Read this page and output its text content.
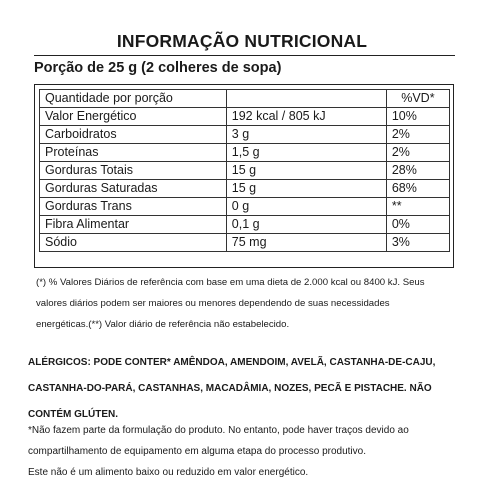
INFORMAÇÃO NUTRICIONAL
Porção de 25 g (2 colheres de sopa)
Quantidade por porção		%VD*
Valor Energético	192 kcal / 805 kJ	10%
Carboidratos	3 g	2%
Proteínas	1,5 g	2%
Gorduras Totais	15 g	28%
Gorduras Saturadas	15 g	68%
Gorduras Trans	0 g	**
Fibra Alimentar	0,1 g	0%
Sódio	75 mg	3%

(*) % Valores Diários de referência com base em uma dieta de 2.000 kcal ou 8400 kJ. Seus

valores diários podem ser maiores ou menores dependendo de suas necessidades

energéticas.(**) Valor diário de referência não estabelecido.

ALÉRGICOS: PODE CONTER* AMÊNDOA, AMENDOIM, AVELÃ, CASTANHA-DE-CAJU,

CASTANHA-DO-PARÁ, CASTANHAS, MACADÂMIA, NOZES, PECÃ E PISTACHE. NÃO

CONTÉM GLÚTEN.

*Não fazem parte da formulação do produto. No entanto, pode haver traços devido ao

compartilhamento de equipamento em alguma etapa do processo produtivo.

Este não é um alimento baixo ou reduzido em valor energético.
